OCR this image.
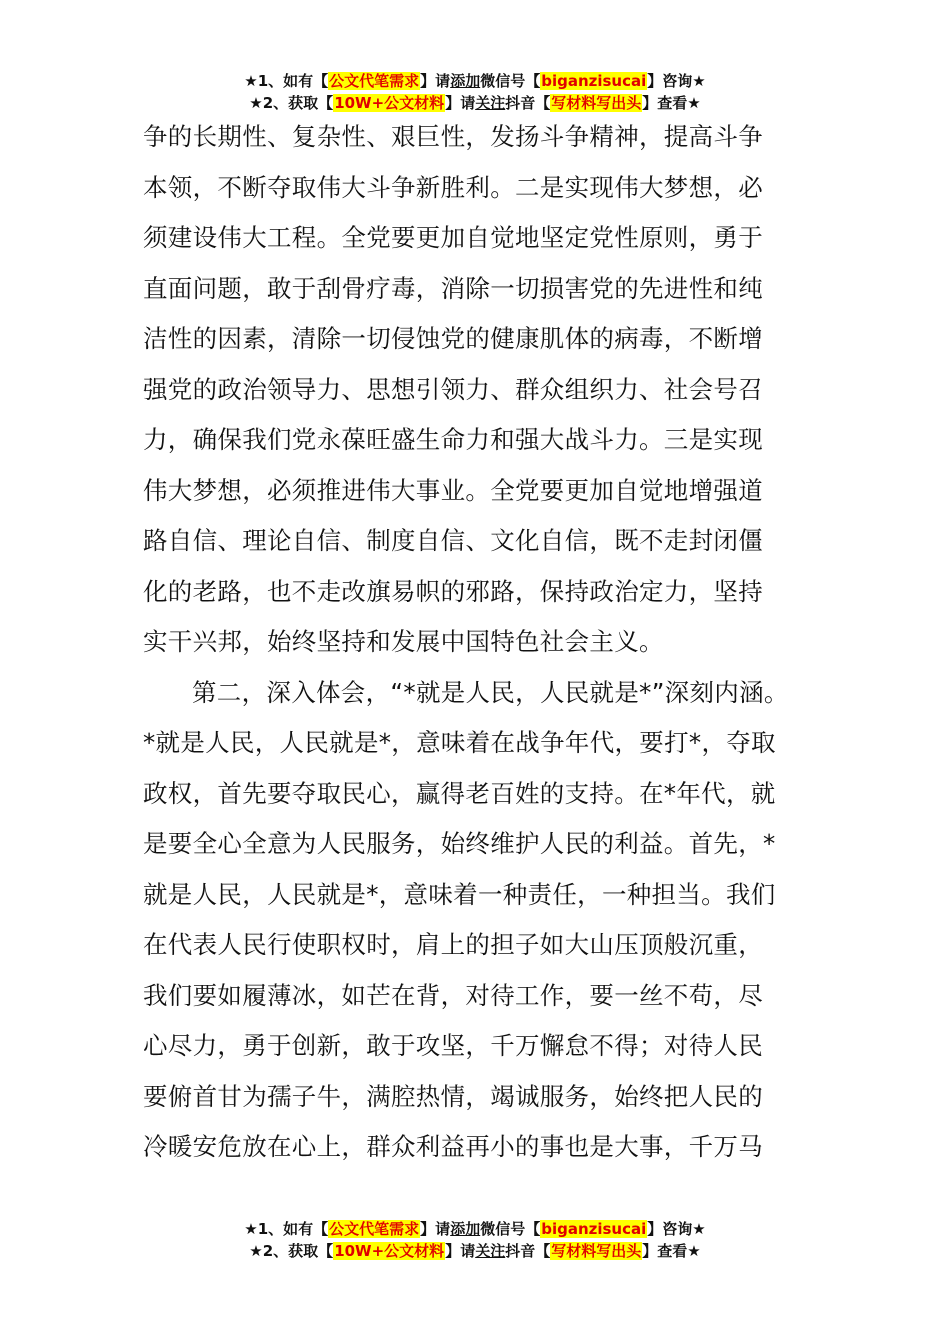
★1、如有【公文代笔需求】请添加微信号【biganzisucai】咨询★
★2、获取【10W+公文材料】请关注抖音【写材料写出头】查看★
争的长期性、复杂性、艰巨性，发扬斗争精神，提高斗争
本领，不断夺取伟大斗争新胜利。二是实现伟大梦想，必
须建设伟大工程。全党要更加自觉地坚定党性原则，勇于
直面问题，敢于刮骨疗毒，消除一切损害党的先进性和纯
洁性的因素，清除一切侵蚀党的健康肌体的病毒，不断增
强党的政治领导力、思想引领力、群众组织力、社会号召
力，确保我们党永葆旺盛生命力和强大战斗力。三是实现
伟大梦想，必须推进伟大事业。全党要更加自觉地增强道
路自信、理论自信、制度自信、文化自信，既不走封闭僵
化的老路，也不走改旗易帜的邪路，保持政治定力，坚持
实干兴邦，始终坚持和发展中国特色社会主义。
第二，深入体会，“*就是人民，人民就是*”深刻内涵。
*就是人民，人民就是*，意味着在战争年代，要打*，夺取
政权，首先要夺取民心，赢得老百姓的支持。在*年代，就
是要全心全意为人民服务，始终维护人民的利益。首先，*
就是人民，人民就是*，意味着一种责任，一种担当。我们
在代表人民行使职权时，肩上的担子如大山压顶般沉重，
我们要如履薄冰，如芒在背，对待工作，要一丝不苟，尽
心尽力，勇于创新，敢于攻坚，千万懈怠不得；对待人民
要俯首甘为孺子牛，满腔热情，竭诚服务，始终把人民的
冷暖安危放在心上，群众利益再小的事也是大事，千万马
★1、如有【公文代笔需求】请添加微信号【biganzisucai】咨询★
★2、获取【10W+公文材料】请关注抖音【写材料写出头】查看★
